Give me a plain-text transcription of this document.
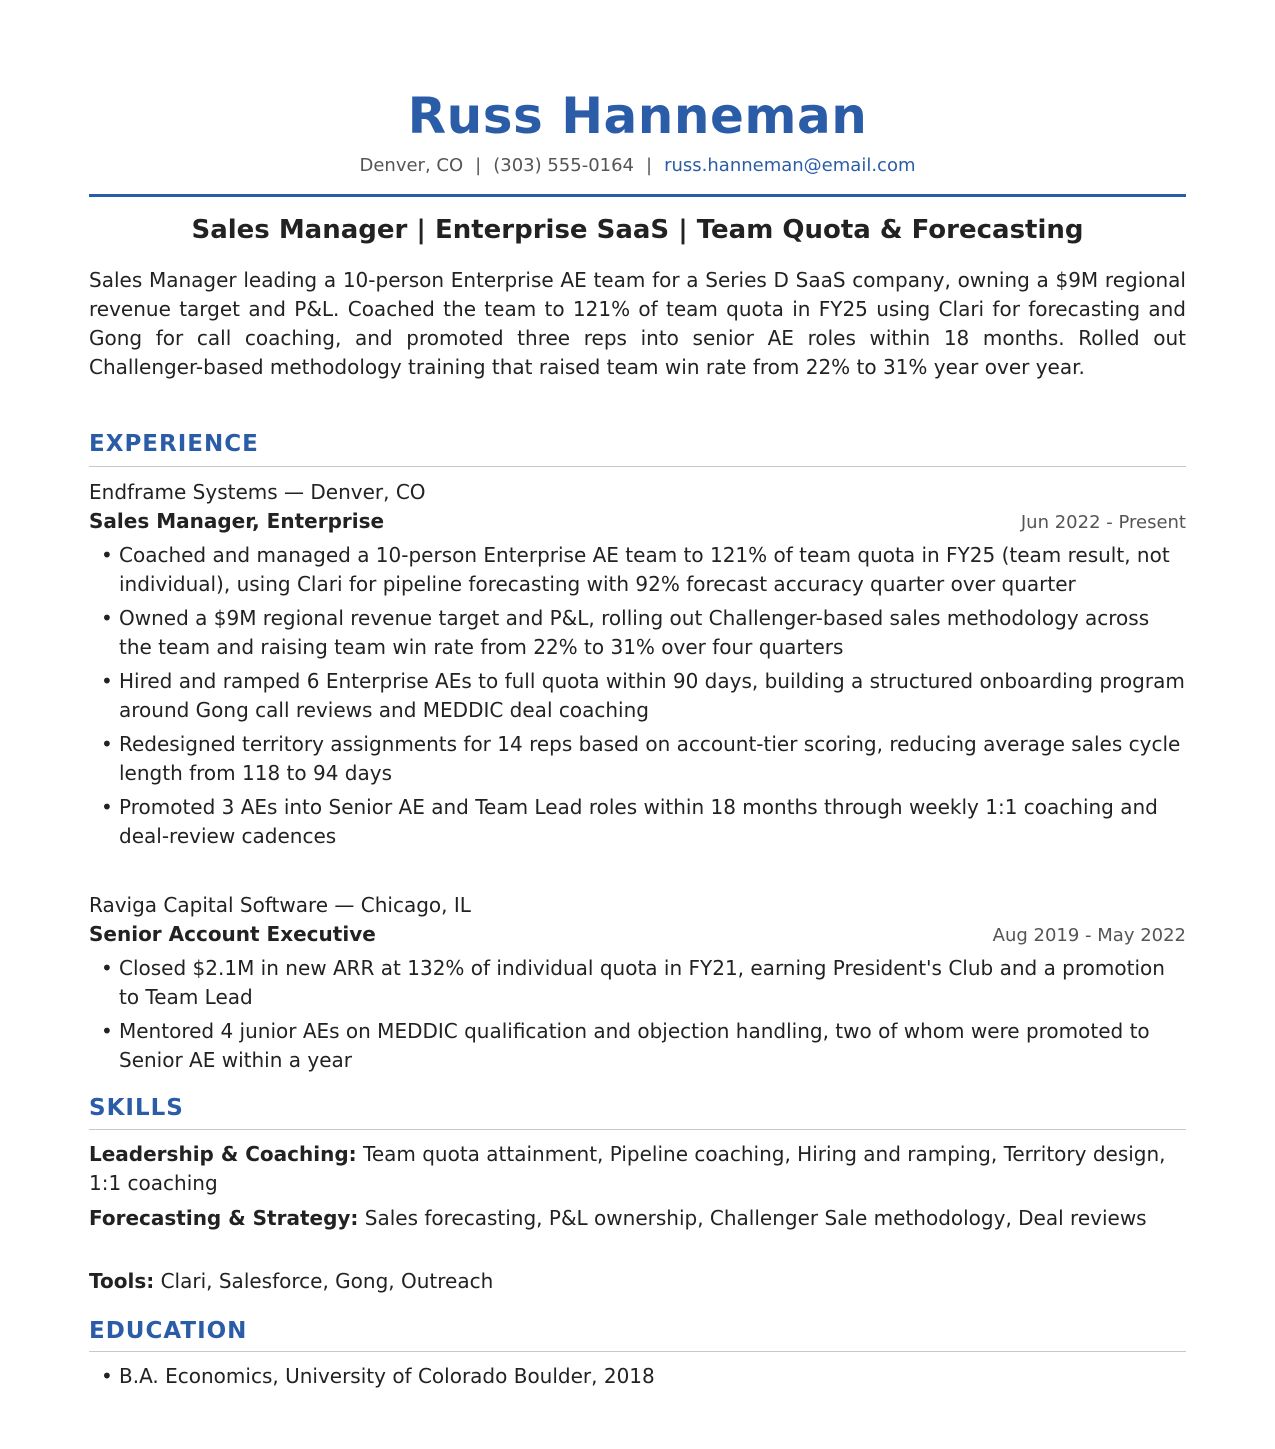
Russ Hanneman
Denver, CO | (303) 555-0164 | russ.hanneman@email.com
Sales Manager | Enterprise SaaS | Team Quota & Forecasting
Sales Manager leading a 10-person Enterprise AE team for a Series D SaaS company, owning a $9M regional revenue target and P&L. Coached the team to 121% of team quota in FY25 using Clari for forecasting and Gong for call coaching, and promoted three reps into senior AE roles within 18 months. Rolled out Challenger-based methodology training that raised team win rate from 22% to 31% year over year.
EXPERIENCE
Endframe Systems — Denver, CO
Sales Manager, Enterprise	Jun 2022 - Present
• Coached and managed a 10-person Enterprise AE team to 121% of team quota in FY25 (team result, not individual), using Clari for pipeline forecasting with 92% forecast accuracy quarter over quarter
• Owned a $9M regional revenue target and P&L, rolling out Challenger-based sales methodology across the team and raising team win rate from 22% to 31% over four quarters
• Hired and ramped 6 Enterprise AEs to full quota within 90 days, building a structured onboarding program around Gong call reviews and MEDDIC deal coaching
• Redesigned territory assignments for 14 reps based on account-tier scoring, reducing average sales cycle length from 118 to 94 days
• Promoted 3 AEs into Senior AE and Team Lead roles within 18 months through weekly 1:1 coaching and deal-review cadences
Raviga Capital Software — Chicago, IL
Senior Account Executive	Aug 2019 - May 2022
• Closed $2.1M in new ARR at 132% of individual quota in FY21, earning President's Club and a promotion to Team Lead
• Mentored 4 junior AEs on MEDDIC qualification and objection handling, two of whom were promoted to Senior AE within a year
SKILLS
Leadership & Coaching: Team quota attainment, Pipeline coaching, Hiring and ramping, Territory design, 1:1 coaching
Forecasting & Strategy: Sales forecasting, P&L ownership, Challenger Sale methodology, Deal reviews
Tools: Clari, Salesforce, Gong, Outreach
EDUCATION
• B.A. Economics, University of Colorado Boulder, 2018
